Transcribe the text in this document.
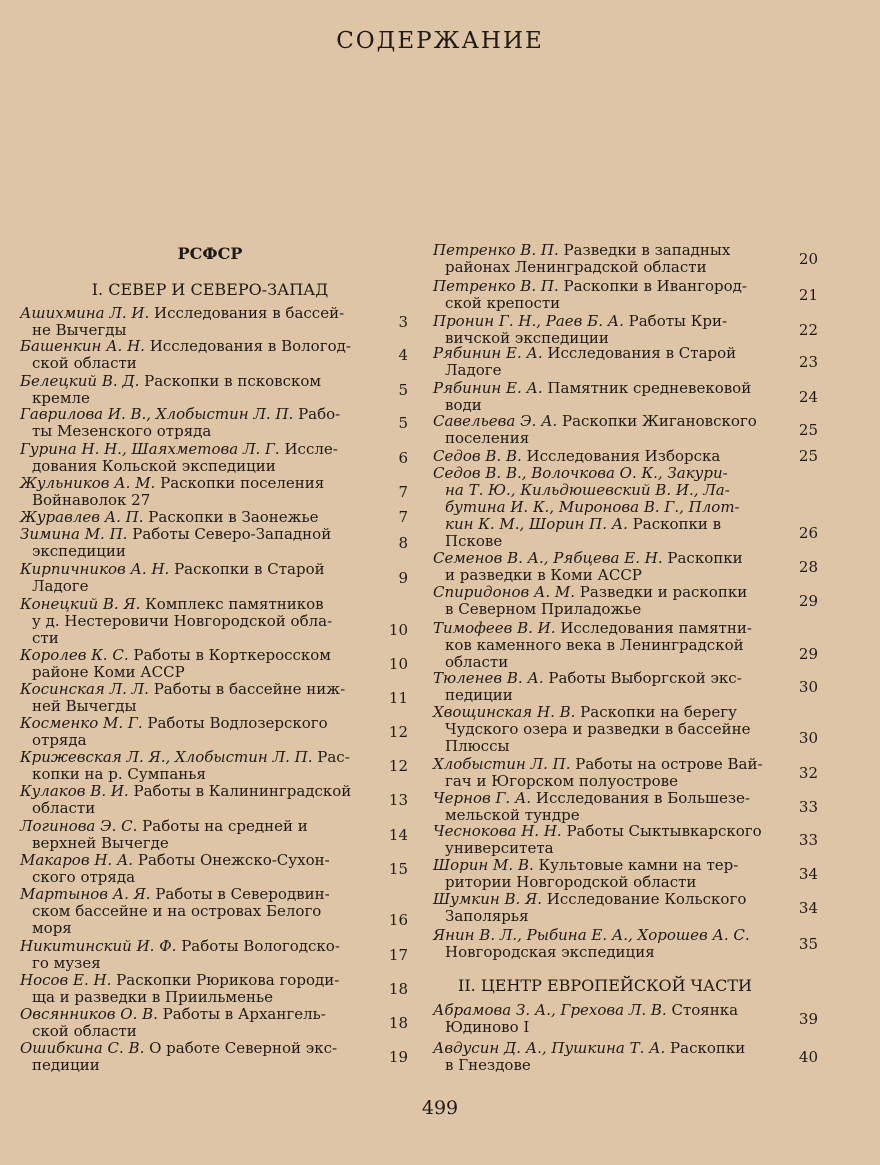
СОДЕРЖАНИЕ
РСФСР
I. СЕВЕР И СЕВЕРО-ЗАПАД
Ашихмина Л. И. Исследования в бассей-
не Вычегды	3
Башенкин А. Н. Исследования в Вологод-
ской области	4
Белецкий В. Д. Раскопки в псковском
кремле	5
Гаврилова И. В., Хлобыстин Л. П. Рабо-
ты Мезенского отряда	5
Гурина Н. Н., Шаяхметова Л. Г. Иссле-
дования Кольской экспедиции	6
Жульников А. М. Раскопки поселения
Войнаволок 27	7
Журавлев А. П. Раскопки в Заонежье	7
Зимина М. П. Работы Северо-Западной
экспедиции	8
Кирпичников А. Н. Раскопки в Старой
Ладоге	9
Конецкий В. Я. Комплекс памятников
у д. Нестеровичи Новгородской обла-
сти	10
Королев К. С. Работы в Корткеросском
районе Коми АССР	10
Косинская Л. Л. Работы в бассейне ниж-
ней Вычегды	11
Косменко М. Г. Работы Водлозерского
отряда	12
Крижевская Л. Я., Хлобыстин Л. П. Рас-
копки на р. Сумпанья	12
Кулаков В. И. Работы в Калининградской
области	13
Логинова Э. С. Работы на средней и
верхней Вычегде	14
Макаров Н. А. Работы Онежско-Сухон-
ского отряда	15
Мартынов А. Я. Работы в Северодвин-
ском бассейне и на островах Белого
моря	16
Никитинский И. Ф. Работы Вологодско-
го музея	17
Носов Е. Н. Раскопки Рюрикова городи-
ща и разведки в Приильменье	18
Овсянников О. В. Работы в Архангель-
ской области	18
Ошибкина С. В. О работе Северной экс-
педиции	19
Петренко В. П. Разведки в западных
районах Ленинградской области	20
Петренко В. П. Раскопки в Ивангород-
ской крепости	21
Пронин Г. Н., Раев Б. А. Работы Кри-
вичской экспедиции	22
Рябинин Е. А. Исследования в Старой
Ладоге	23
Рябинин Е. А. Памятник средневековой
води	24
Савельева Э. А. Раскопки Жигановского
поселения	25
Седов В. В. Исследования Изборска	25
Седов В. В., Волочкова О. К., Закури-
на Т. Ю., Кильдюшевский В. И., Ла-
бутина И. К., Миронова В. Г., Плот-
кин К. М., Шорин П. А. Раскопки в
Пскове	26
Семенов В. А., Рябцева Е. Н. Раскопки
и разведки в Коми АССР	28
Спиридонов А. М. Разведки и раскопки
в Северном Приладожье	29
Тимофеев В. И. Исследования памятни-
ков каменного века в Ленинградской
области	29
Тюленев В. А. Работы Выборгской экс-
педиции	30
Хвощинская Н. В. Раскопки на берегу
Чудского озера и разведки в бассейне
Плюссы	30
Хлобыстин Л. П. Работы на острове Вай-
гач и Югорском полуострове	32
Чернов Г. А. Исследования в Большезе-
мельской тундре	33
Чеснокова Н. Н. Работы Сыктывкарского
университета	33
Шорин М. В. Культовые камни на тер-
ритории Новгородской области	34
Шумкин В. Я. Исследование Кольского
Заполярья	34
Янин В. Л., Рыбина Е. А., Хорошев А. С.
Новгородская экспедиция	35
Абрамова З. А., Грехова Л. В. Стоянка
Юдиново I	39
Авдусин Д. А., Пушкина Т. А. Раскопки
в Гнездове	40
II. ЦЕНТР ЕВРОПЕЙСКОЙ ЧАСТИ
499
